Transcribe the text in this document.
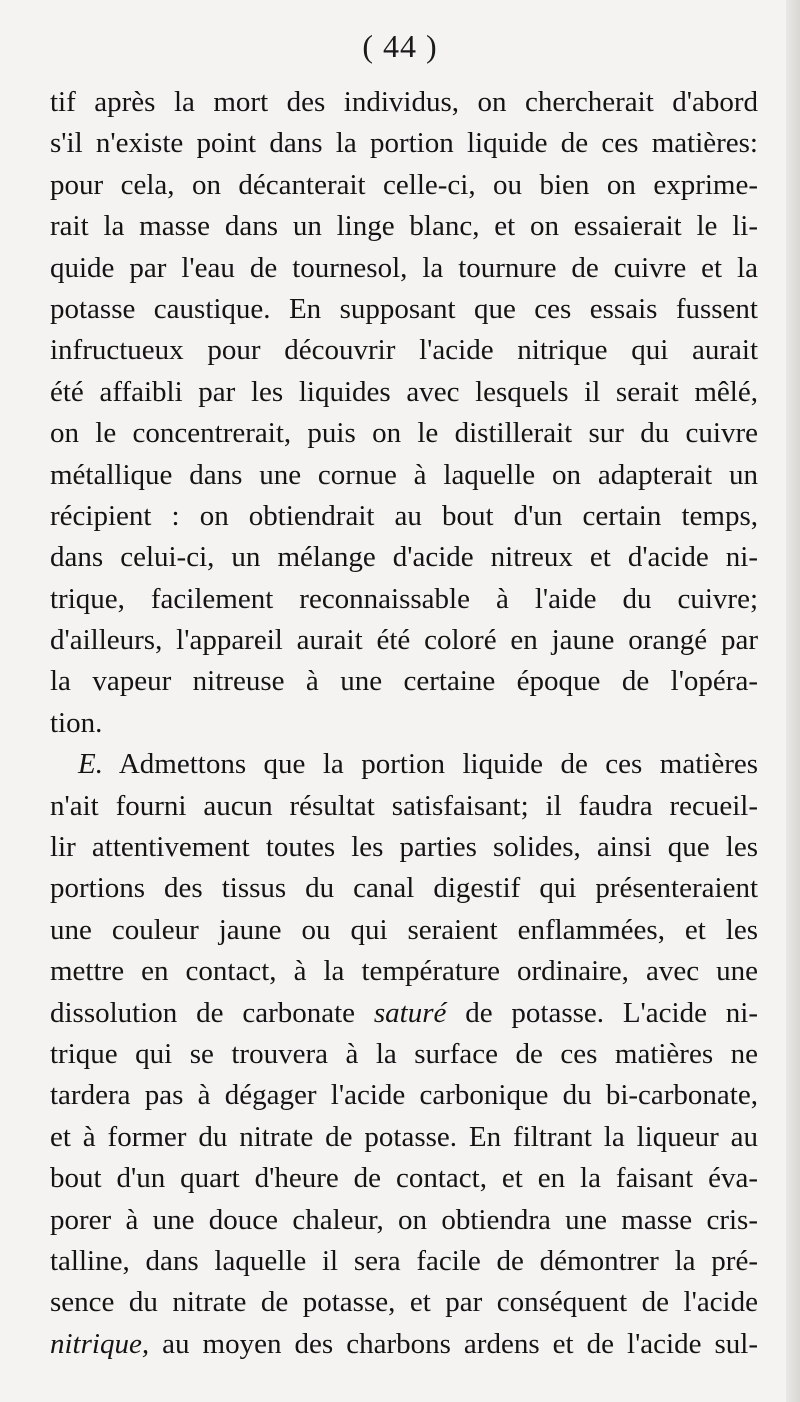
( 44 )
tif après la mort des individus, on chercherait d'abord
s'il n'existe point dans la portion liquide de ces matières:
pour cela, on décanterait celle-ci, ou bien on exprime-
rait la masse dans un linge blanc, et on essaierait le li-
quide par l'eau de tournesol, la tournure de cuivre et la
potasse caustique. En supposant que ces essais fussent
infructueux pour découvrir l'acide nitrique qui aurait
été affaibli par les liquides avec lesquels il serait mêlé,
on le concentrerait, puis on le distillerait sur du cuivre
métallique dans une cornue à laquelle on adapterait un
récipient : on obtiendrait au bout d'un certain temps,
dans celui-ci, un mélange d'acide nitreux et d'acide ni-
trique, facilement reconnaissable à l'aide du cuivre;
d'ailleurs, l'appareil aurait été coloré en jaune orangé par
la vapeur nitreuse à une certaine époque de l'opéra-
tion.
E. Admettons que la portion liquide de ces matières
n'ait fourni aucun résultat satisfaisant; il faudra recueil-
lir attentivement toutes les parties solides, ainsi que les
portions des tissus du canal digestif qui présenteraient
une couleur jaune ou qui seraient enflammées, et les
mettre en contact, à la température ordinaire, avec une
dissolution de carbonate saturé de potasse. L'acide ni-
trique qui se trouvera à la surface de ces matières ne
tardera pas à dégager l'acide carbonique du bi-carbonate,
et à former du nitrate de potasse. En filtrant la liqueur au
bout d'un quart d'heure de contact, et en la faisant éva-
porer à une douce chaleur, on obtiendra une masse cris-
talline, dans laquelle il sera facile de démontrer la pré-
sence du nitrate de potasse, et par conséquent de l'acide
nitrique, au moyen des charbons ardens et de l'acide sul-
